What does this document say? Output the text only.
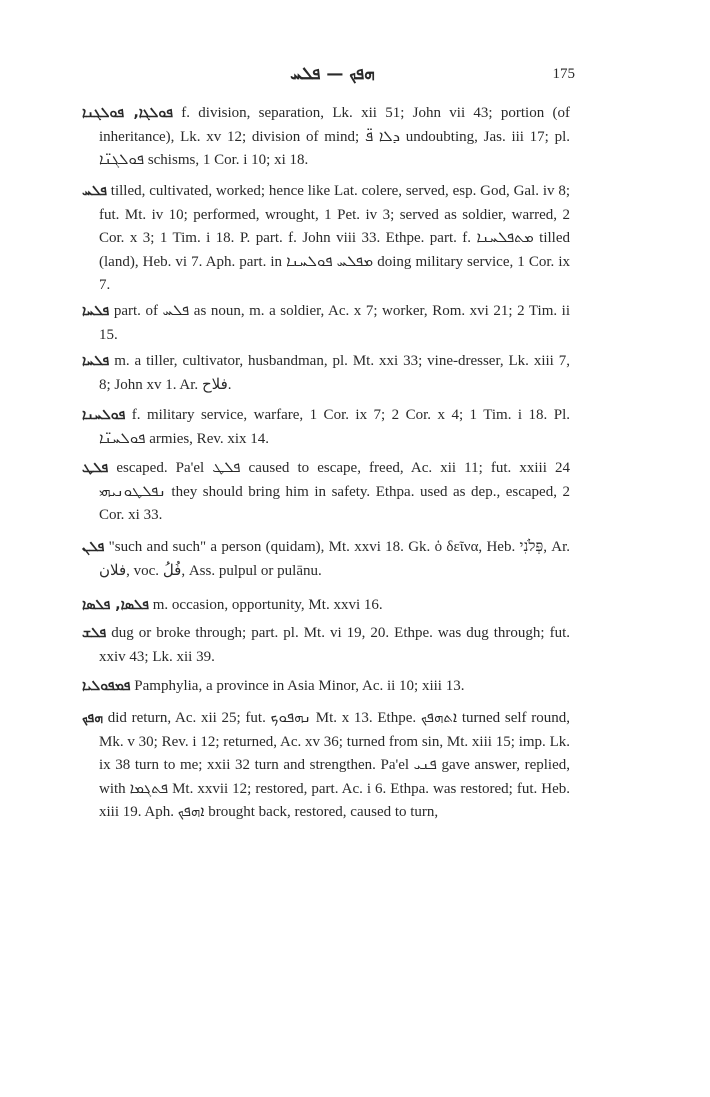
ܗܦܟ — ܦܠܚ	175
ܦܘܠܓܐ, ܦܘܠܓܢܐ f. division, separation, Lk. xii 51; John vii 43; portion (of inheritance), Lk. xv 12; division of mind; ܕܠܐ ܦ̈ undoubting, Jas. iii 17; pl. ܦܘܠܓܢ̈ܐ schisms, 1 Cor. i 10; xi 18.
ܦܠܚ tilled, cultivated, worked; hence like Lat. colere, served, esp. God, Gal. iv 8; fut. Mt. iv 10; performed, wrought, 1 Pet. iv 3; served as soldier, warred, 2 Cor. x 3; 1 Tim. i 18. P. part. f. John viii 33. Ethpe. part. f. ܡܬܦܠܚܢܐ tilled (land), Heb. vi 7. Aph. part. in ܡܦܠܚ ܦܘܠܚܢܐ doing military service, 1 Cor. ix 7.
ܦܠܚܐ part. of ܦܠܚ as noun, m. a soldier, Ac. x 7; worker, Rom. xvi 21; 2 Tim. ii 15.
ܦܠܚܐ m. a tiller, cultivator, husbandman, pl. Mt. xxi 33; vine-dresser, Lk. xiii 7, 8; John xv 1. Ar. فلاح.
ܦܘܠܚܢܐ f. military service, warfare, 1 Cor. ix 7; 2 Cor. x 4; 1 Tim. i 18. Pl. ܦܘܠܚܢ̈ܐ armies, Rev. xix 14.
ܦܠܛ escaped. Pa'el ܦܠܛ caused to escape, freed, Ac. xii 11; fut. xxiii 24 ܢܦܠܛܘܢܝܗܝ they should bring him in safety. Ethpa. used as dep., escaped, 2 Cor. xi 33.
ܦܠܢ "such and such" a person (quidam), Mt. xxvi 18. Gk. ὁ δεῖνα, Heb. פְּלֹנִי, Ar. فلان, voc. فُلُ, Ass. pulpul or pulānu.
ܦܠܣܐ, ܦܠܣܐ m. occasion, opportunity, Mt. xxvi 16.
ܦܠܫ dug or broke through; part. pl. Mt. vi 19, 20. Ethpe. was dug through; fut. xxiv 43; Lk. xii 39.
ܦܡܦܘܠܝܐ Pamphylia, a province in Asia Minor, Ac. ii 10; xiii 13.
ܗܦܟ did return, Ac. xii 25; fut. ܢܗܦܘܟ Mt. x 13. Ethpe. ܐܬܗܦܟ turned self round, Mk. v 30; Rev. i 12; returned, Ac. xv 36; turned from sin, Mt. xiii 15; imp. Lk. ix 38 turn to me; xxii 32 turn and strengthen. Pa'el ܦܢܝ gave answer, replied, with ܦܬܓܡܐ Mt. xxvii 12; restored, part. Ac. i 6. Ethpa. was restored; fut. Heb. xiii 19. Aph. ܐܗܦܟ brought back, restored, caused to turn,
